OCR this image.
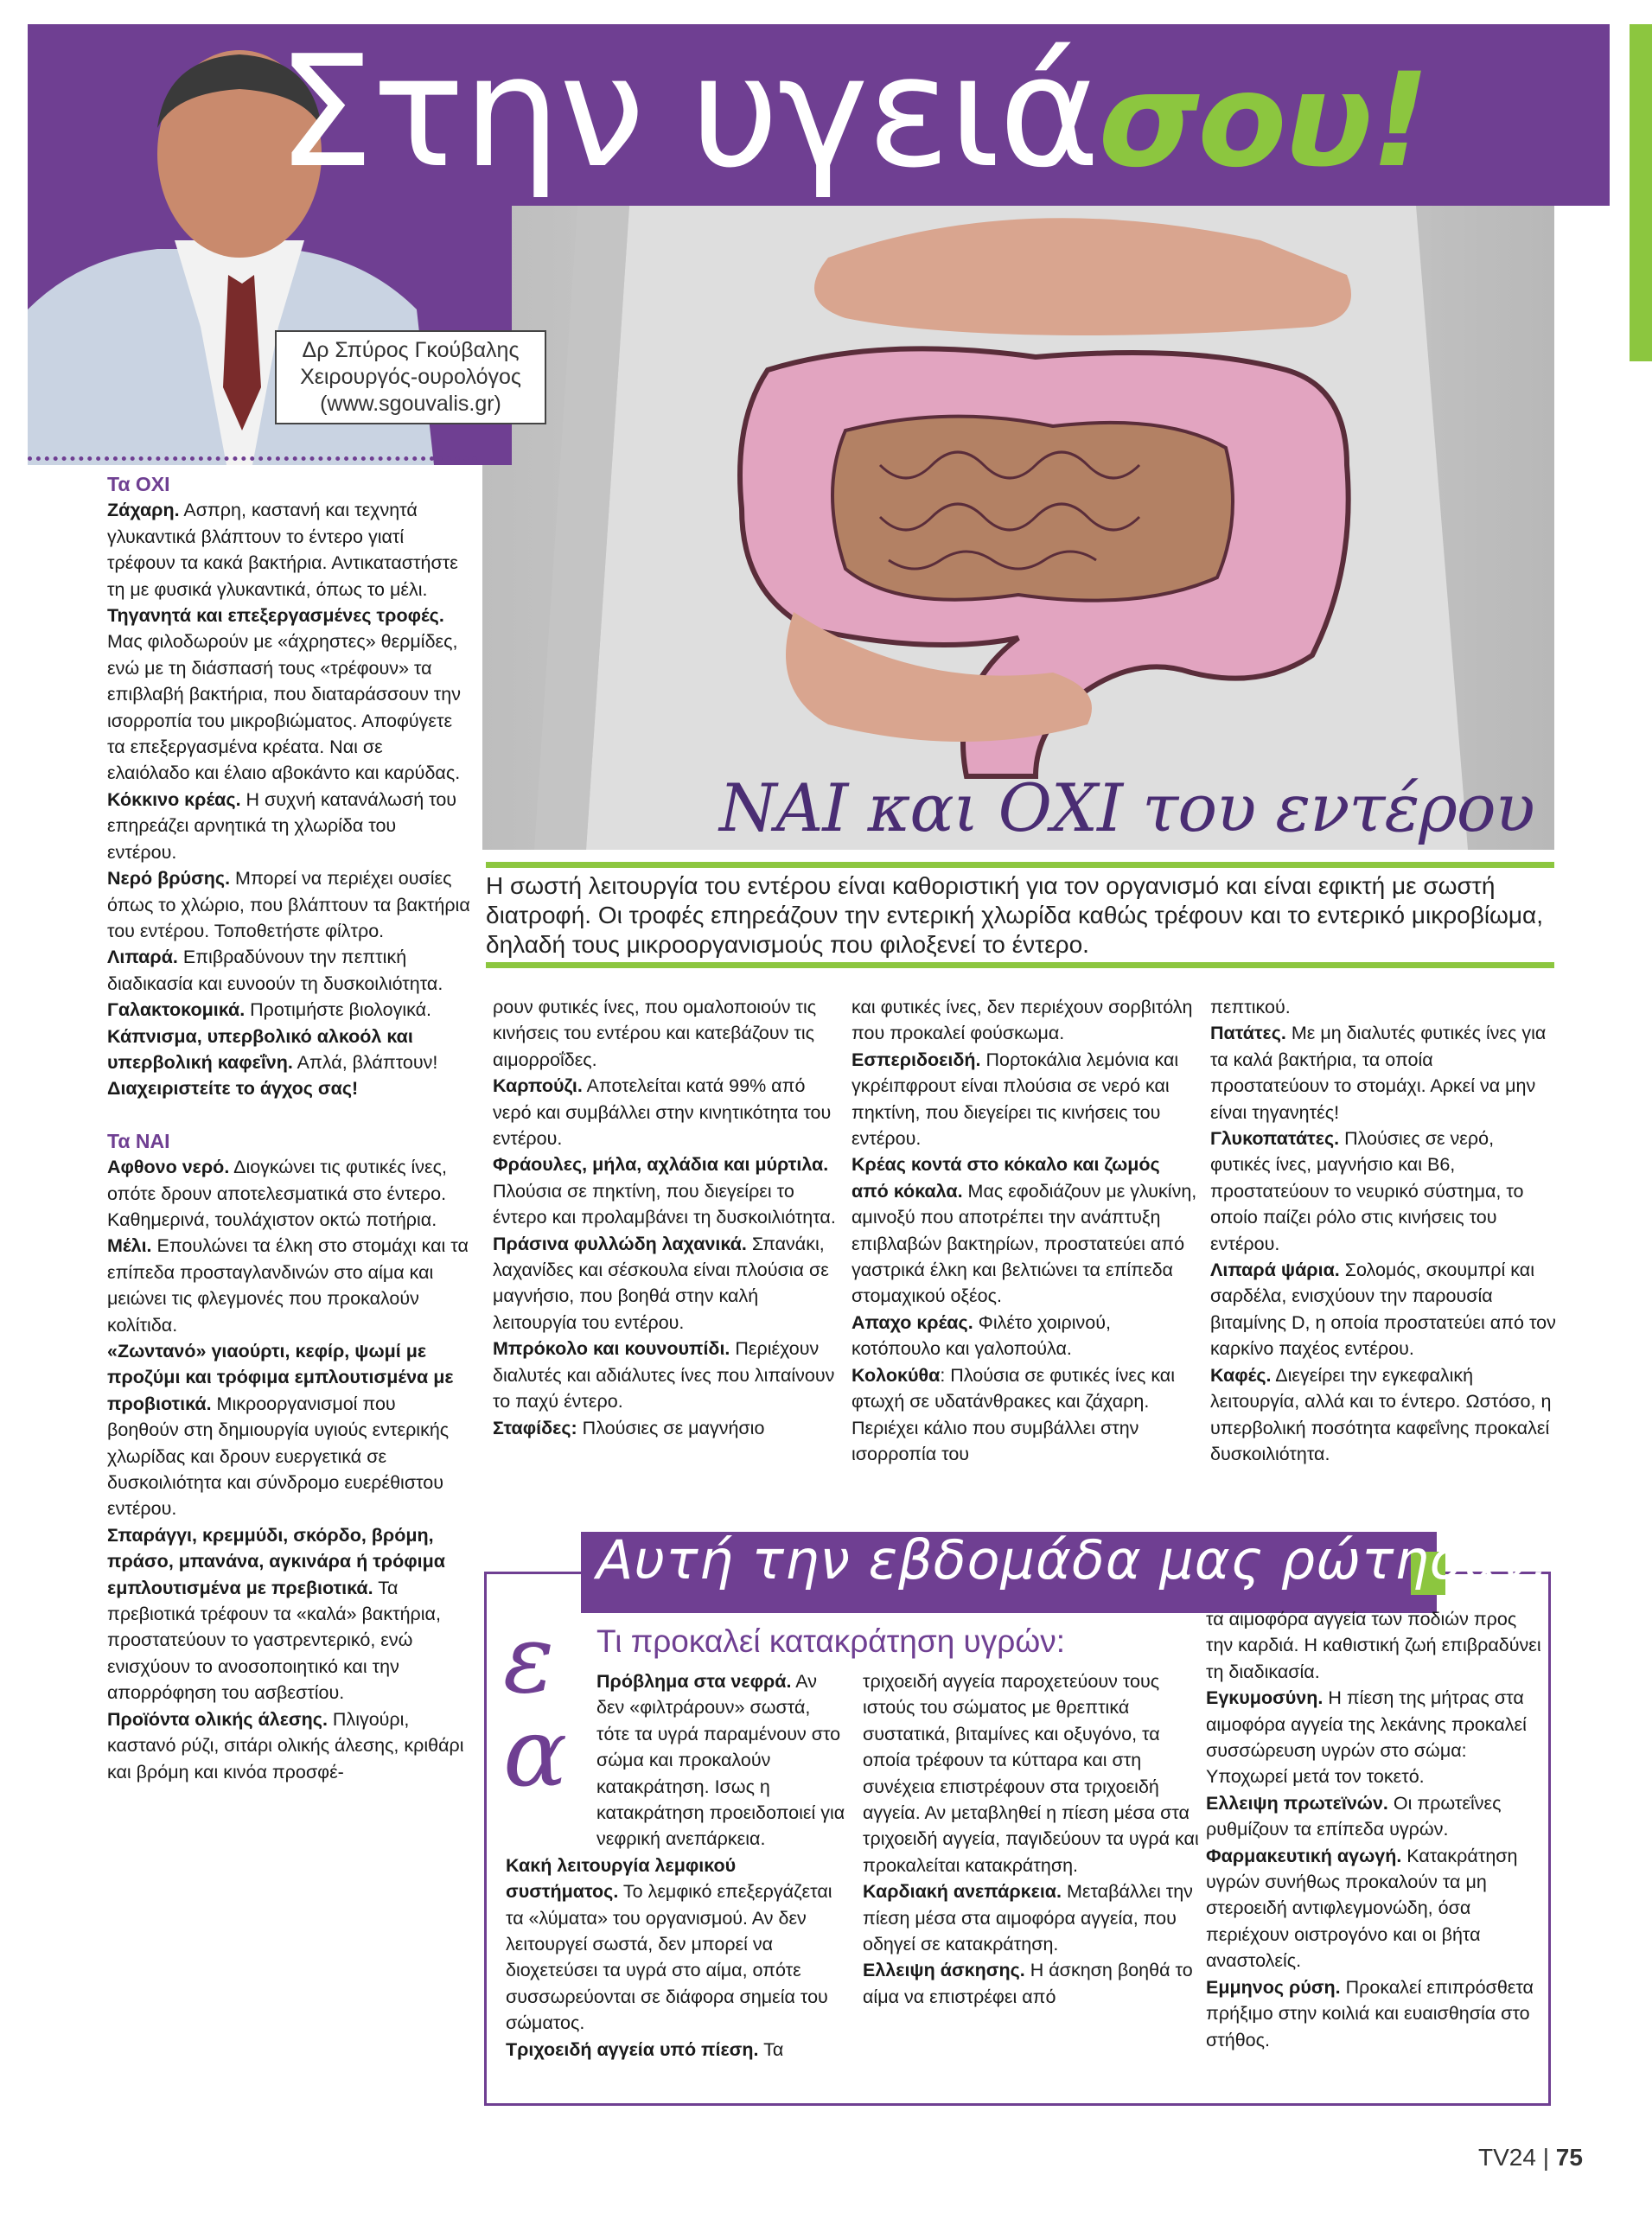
Στην υγειάσου!
Δρ Σπύρος Γκούβαλης
Χειρουργός-ουρολόγος
(www.sgouvalis.gr)
Τα ΟΧΙ

Ζάχαρη. Ασπρη, καστανή και τεχνητά γλυκαντικά βλάπτουν το έντερο γιατί τρέφουν τα κακά βακτήρια. Αντικαταστήστε τη με φυσικά γλυκαντικά, όπως το μέλι.

Τηγανητά και επεξεργασμένες τροφές. Μας φιλοδωρούν με «άχρηστες» θερμίδες, ενώ με τη διάσπασή τους «τρέφουν» τα επιβλαβή βακτήρια, που διαταράσσουν την ισορροπία του μικροβιώματος. Αποφύγετε τα επεξεργασμένα κρέατα. Ναι σε ελαιόλαδο και έλαιο αβοκάντο και καρύδας.

Κόκκινο κρέας. Η συχνή κατανάλωσή του επηρεάζει αρνητικά τη χλωρίδα του εντέρου.

Νερό βρύσης. Μπορεί να περιέχει ουσίες όπως το χλώριο, που βλάπτουν τα βακτήρια του εντέρου. Τοποθετήστε φίλτρο.

Λιπαρά. Επιβραδύνουν την πεπτική διαδικασία και ευνοούν τη δυσκοιλιότητα.

Γαλακτοκομικά. Προτιμήστε βιολογικά.

Κάπνισμα, υπερβολικό αλκοόλ και υπερβολική καφεΐνη. Απλά, βλάπτουν!

Διαχειριστείτε το άγχος σας!

Τα ΝΑΙ

Αφθονο νερό. Διογκώνει τις φυτικές ίνες, οπότε δρουν αποτελεσματικά στο έντερο. Καθημερινά, τουλάχιστον οκτώ ποτήρια.

Μέλι. Επουλώνει τα έλκη στο στομάχι και τα επίπεδα προσταγλανδινών στο αίμα και μειώνει τις φλεγμονές που προκαλούν κολίτιδα.

«Ζωντανό» γιαούρτι, κεφίρ, ψωμί με προζύμι και τρόφιμα εμπλουτισμένα με προβιοτικά. Μικροοργανισμοί που βοηθούν στη δημιουργία υγιούς εντερικής χλωρίδας και δρουν ευεργετικά σε δυσκοιλιότητα και σύνδρομο ευερέθιστου εντέρου.

Σπαράγγι, κρεμμύδι, σκόρδο, βρόμη, πράσο, μπανάνα, αγκινάρα ή τρόφιμα εμπλουτισμένα με πρεβιοτικά. Τα πρεβιοτικά τρέφουν τα «καλά» βακτήρια, προστατεύουν το γαστρεντερικό, ενώ ενισχύουν το ανοσοποιητικό και την απορρόφηση του ασβεστίου.

Προϊόντα ολικής άλεσης. Πλιγούρι, καστανό ρύζι, σιτάρι ολικής άλεσης, κριθάρι και βρόμη και κινόα προσφέ-

ΝΑΙ και ΟΧΙ του εντέρου
Η σωστή λειτουργία του εντέρου είναι καθοριστική για τον οργανισμό και είναι εφικτή με σωστή διατροφή. Οι τροφές επηρεάζουν την εντερική χλωρίδα καθώς τρέφουν και το εντερικό μικροβίωμα, δηλαδή τους μικροοργανισμούς που φιλοξενεί το έντερο.

ρουν φυτικές ίνες, που ομαλοποιούν τις κινήσεις του εντέρου και κατεβάζουν τις αιμορροΐδες.

Καρπούζι. Αποτελείται κατά 99% από νερό και συμβάλλει στην κινητικότητα του εντέρου.

Φράουλες, μήλα, αχλάδια και μύρτιλα. Πλούσια σε πηκτίνη, που διεγείρει το έντερο και προλαμβάνει τη δυσκοιλιότητα.

Πράσινα φυλλώδη λαχανικά. Σπανάκι, λαχανίδες και σέσκουλα είναι πλούσια σε μαγνήσιο, που βοηθά στην καλή λειτουργία του εντέρου.

Μπρόκολο και κουνουπίδι. Περιέχουν διαλυτές και αδιάλυτες ίνες που λιπαίνουν το παχύ έντερο.

Σταφίδες: Πλούσιες σε μαγνήσιο

και φυτικές ίνες, δεν περιέχουν σορβιτόλη που προκαλεί φούσκωμα.

Εσπεριδοειδή. Πορτοκάλια λεμόνια και γκρέιπφρουτ είναι πλούσια σε νερό και πηκτίνη, που διεγείρει τις κινήσεις του εντέρου.

Κρέας κοντά στο κόκαλο και ζωμός από κόκαλα. Μας εφοδιάζουν με γλυκίνη, αμινοξύ που αποτρέπει την ανάπτυξη επιβλαβών βακτηρίων, προστατεύει από γαστρικά έλκη και βελτιώνει τα επίπεδα στομαχικού οξέος.

Απαχο κρέας. Φιλέτο χοιρινού, κοτόπουλο και γαλοπούλα.

Κολοκύθα: Πλούσια σε φυτικές ίνες και φτωχή σε υδατάνθρακες και ζάχαρη. Περιέχει κάλιο που συμβάλλει στην ισορροπία του

πεπτικού.

Πατάτες. Με μη διαλυτές φυτικές ίνες για τα καλά βακτήρια, τα οποία προστατεύουν το στομάχι. Αρκεί να μην είναι τηγανητές!

Γλυκοπατάτες. Πλούσιες σε νερό, φυτικές ίνες, μαγνήσιο και Β6, προστατεύουν το νευρικό σύστημα, το οποίο παίζει ρόλο στις κινήσεις του εντέρου.

Λιπαρά ψάρια. Σολομός, σκουμπρί και σαρδέλα, ενισχύουν την παρουσία βιταμίνης D, η οποία προστατεύει από τον καρκίνο παχέος εντέρου.

Καφές. Διεγείρει την εγκεφαλική λειτουργία, αλλά και το έντερο. Ωστόσο, η υπερβολική ποσότητα καφεΐνης προκαλεί δυσκοιλιότητα.

Αυτή την εβδομάδα μας ρώτησαν...
ε
α
Τι προκαλεί κατακράτηση υγρών:

Πρόβλημα στα νεφρά. Αν δεν «φιλτράρουν» σωστά, τότε τα υγρά παραμένουν στο σώμα και προκαλούν κατακράτηση. Ισως η κατακράτηση προειδοποιεί για νεφρική ανεπάρκεια.

Κακή λειτουργία λεμφικού συστήματος. Το λεμφικό επεξεργάζεται τα «λύματα» του οργανισμού. Αν δεν λειτουργεί σωστά, δεν μπορεί να διοχετεύσει τα υγρά στο αίμα, οπότε συσσωρεύονται σε διάφορα σημεία του σώματος.

Τριχοειδή αγγεία υπό πίεση. Τα

τριχοειδή αγγεία παροχετεύουν τους ιστούς του σώματος με θρεπτικά συστατικά, βιταμίνες και οξυγόνο, τα οποία τρέφουν τα κύτταρα και στη συνέχεια επιστρέφουν στα τριχοειδή αγγεία. Αν μεταβληθεί η πίεση μέσα στα τριχοειδή αγγεία, παγιδεύουν τα υγρά και προκαλείται κατακράτηση.

Καρδιακή ανεπάρκεια. Μεταβάλλει την πίεση μέσα στα αιμοφόρα αγγεία, που οδηγεί σε κατακράτηση.

Ελλειψη άσκησης. Η άσκηση βοηθά το αίμα να επιστρέφει από

τα αιμοφόρα αγγεία των ποδιών προς την καρδιά. Η καθιστική ζωή επιβραδύνει τη διαδικασία.

Εγκυμοσύνη. Η πίεση της μήτρας στα αιμοφόρα αγγεία της λεκάνης προκαλεί συσσώρευση υγρών στο σώμα: Υποχωρεί μετά τον τοκετό.

Ελλειψη πρωτεϊνών. Οι πρωτεΐνες ρυθμίζουν τα επίπεδα υγρών.

Φαρμακευτική αγωγή. Κατακράτηση υγρών συνήθως προκαλούν τα μη στεροειδή αντιφλεγμονώδη, όσα περιέχουν οιστρογόνο και οι βήτα αναστολείς.

Εμμηνος ρύση. Προκαλεί επιπρόσθετα πρήξιμο στην κοιλιά και ευαισθησία στο στήθος.

TV24 | 75
